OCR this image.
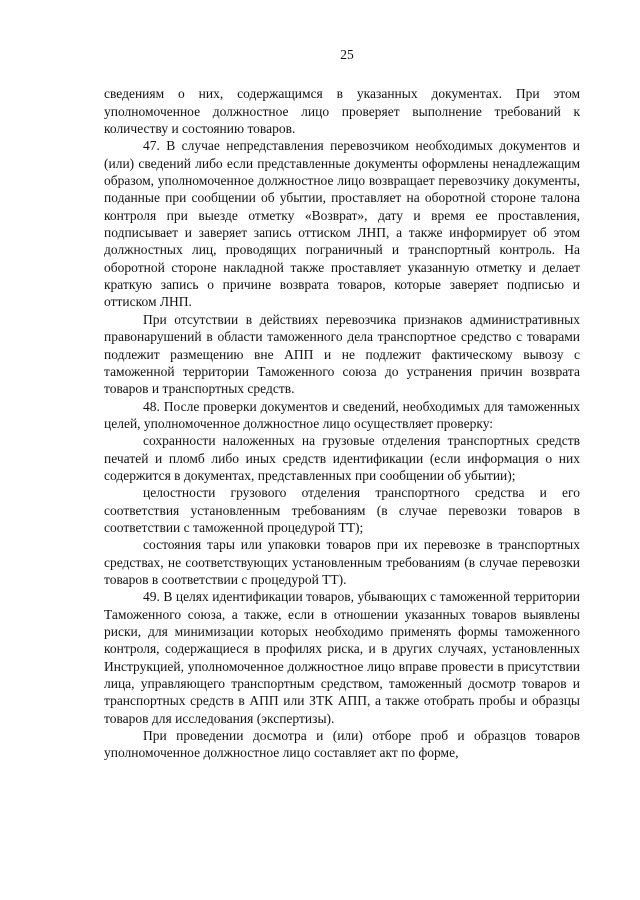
25

сведениям о них, содержащимся в указанных документах. При этом уполномоченное должностное лицо проверяет выполнение требований к количеству и состоянию товаров.

47. В случае непредставления перевозчиком необходимых документов и (или) сведений либо если представленные документы оформлены ненадлежащим образом, уполномоченное должностное лицо возвращает перевозчику документы, поданные при сообщении об убытии, проставляет на оборотной стороне талона контроля при выезде отметку «Возврат», дату и время ее проставления, подписывает и заверяет запись оттиском ЛНП, а также информирует об этом должностных лиц, проводящих пограничный и транспортный контроль. На оборотной стороне накладной также проставляет указанную отметку и делает краткую запись о причине возврата товаров, которые заверяет подписью и оттиском ЛНП.

При отсутствии в действиях перевозчика признаков административных правонарушений в области таможенного дела транспортное средство с товарами подлежит размещению вне АПП и не подлежит фактическому вывозу с таможенной территории Таможенного союза до устранения причин возврата товаров и транспортных средств.

48. После проверки документов и сведений, необходимых для таможенных целей, уполномоченное должностное лицо осуществляет проверку:

сохранности наложенных на грузовые отделения транспортных средств печатей и пломб либо иных средств идентификации (если информация о них содержится в документах, представленных при сообщении об убытии);

целостности грузового отделения транспортного средства и его соответствия установленным требованиям (в случае перевозки товаров в соответствии с таможенной процедурой ТТ);

состояния тары или упаковки товаров при их перевозке в транспортных средствах, не соответствующих установленным требованиям (в случае перевозки товаров в соответствии с процедурой ТТ).

49. В целях идентификации товаров, убывающих с таможенной территории Таможенного союза, а также, если в отношении указанных товаров выявлены риски, для минимизации которых необходимо применять формы таможенного контроля, содержащиеся в профилях риска, и в других случаях, установленных Инструкцией, уполномоченное должностное лицо вправе провести в присутствии лица, управляющего транспортным средством, таможенный досмотр товаров и транспортных средств в АПП или ЗТК АПП, а также отобрать пробы и образцы товаров для исследования (экспертизы).

При проведении досмотра и (или) отборе проб и образцов товаров уполномоченное должностное лицо составляет акт по форме,
